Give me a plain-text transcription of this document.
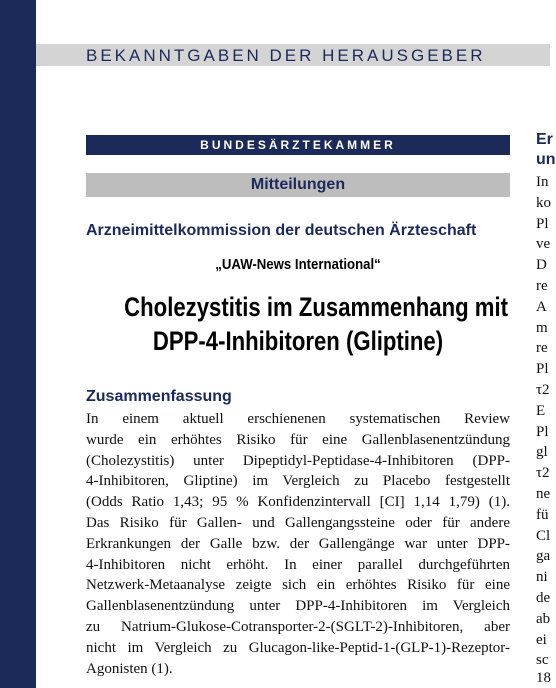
BEKANNTGABEN DER HERAUSGEBER
BUNDESÄRZTEKAMMER
Mitteilungen
Arzneimittelkommission der deutschen Ärzteschaft
„UAW-News International“
Cholezystitis im Zusammenhang mit
DPP-4-Inhibitoren (Gliptine)
Zusammenfassung
In einem aktuell erschienenen systematischen Review
wurde ein erhöhtes Risiko für eine Gallenblasenentzündung
(Cholezystitis) unter Dipeptidyl-Peptidase-4-Inhibitoren (DPP-
4-Inhibitoren, Gliptine) im Vergleich zu Placebo festgestellt
(Odds Ratio 1,43; 95 % Konfidenzintervall [CI] 1,14 1,79) (1).
Das Risiko für Gallen- und Gallengangssteine oder für andere
Erkrankungen der Galle bzw. der Gallengänge war unter DPP-
4-Inhibitoren nicht erhöht. In einer parallel durchgeführten
Netzwerk-Metaanalyse zeigte sich ein erhöhtes Risiko für eine
Gallenblasenentzündung unter DPP-4-Inhibitoren im Vergleich
zu Natrium-Glukose-Cotransporter-2-(SGLT-2)-Inhibitoren, aber
nicht im Vergleich zu Glucagon-like-Peptid-1-(GLP-1)-Rezeptor-
Agonisten (1).
Er
un
In
ko
Pl
ve
D
re
A
m
re
Pl
τ2
E
Pl
gl
τ2
ne
fü
Cl
ga
ni
de
ab
ei
sc
18
